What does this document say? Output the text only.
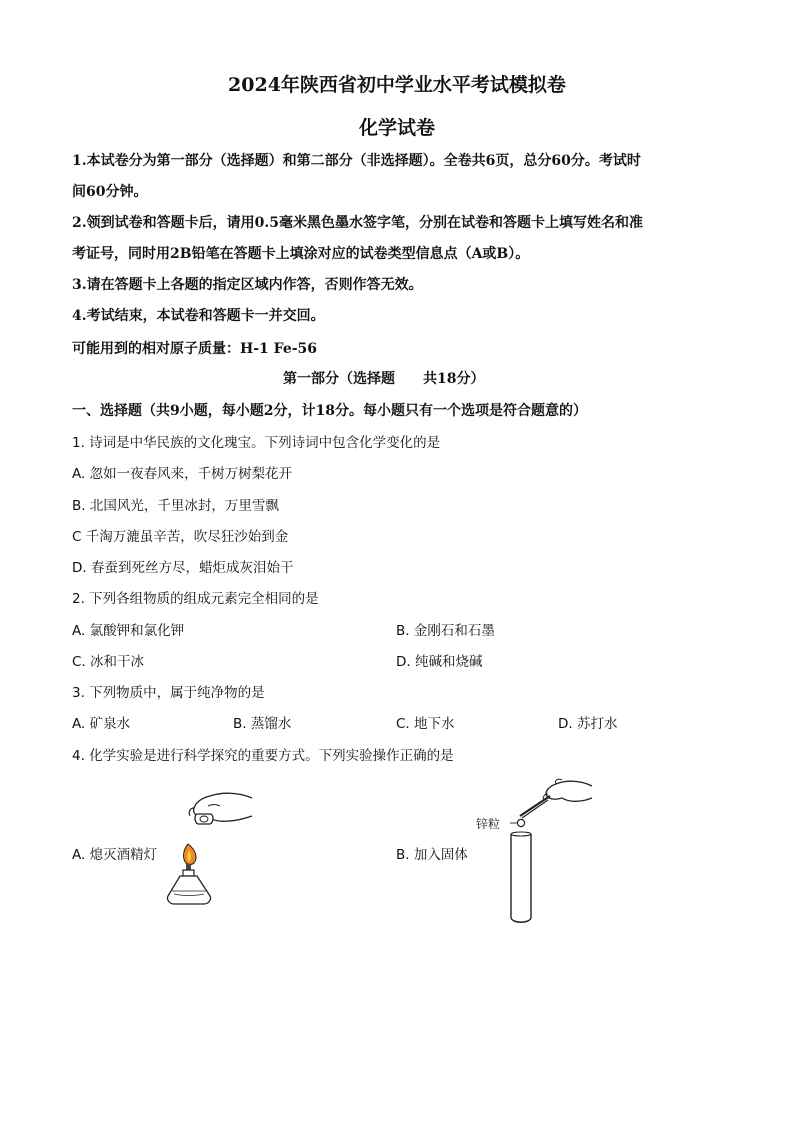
2024年陕西省初中学业水平考试模拟卷
化学试卷
1.本试卷分为第一部分（选择题）和第二部分（非选择题）。全卷共6页，总分60分。考试时
间60分钟。
2.领到试卷和答题卡后，请用0.5毫米黑色墨水签字笔，分别在试卷和答题卡上填写姓名和准
考证号，同时用2B铅笔在答题卡上填涂对应的试卷类型信息点（A或B）。
3.请在答题卡上各题的指定区域内作答，否则作答无效。
4.考试结束，本试卷和答题卡一并交回。
可能用到的相对原子质量：H-1 Fe-56
第一部分（选择题　　共18分）
一、选择题（共9小题，每小题2分，计18分。每小题只有一个选项是符合题意的）
1. 诗词是中华民族的文化瑰宝。下列诗词中包含化学变化的是
A. 忽如一夜春风来，千树万树梨花开
B. 北国风光，千里冰封，万里雪飘
C 千淘万漉虽辛苦，吹尽狂沙始到金
D. 春蚕到死丝方尽，蜡炬成灰泪始干
2. 下列各组物质的组成元素完全相同的是
A. 氯酸钾和氯化钾	B. 金刚石和石墨
C. 冰和干冰	D. 纯碱和烧碱
3. 下列物质中，属于纯净物的是
A. 矿泉水	B. 蒸馏水	C. 地下水	D. 苏打水
4. 化学实验是进行科学探究的重要方式。下列实验操作正确的是
A. 熄灭酒精灯	B. 加入固体
锌粒
